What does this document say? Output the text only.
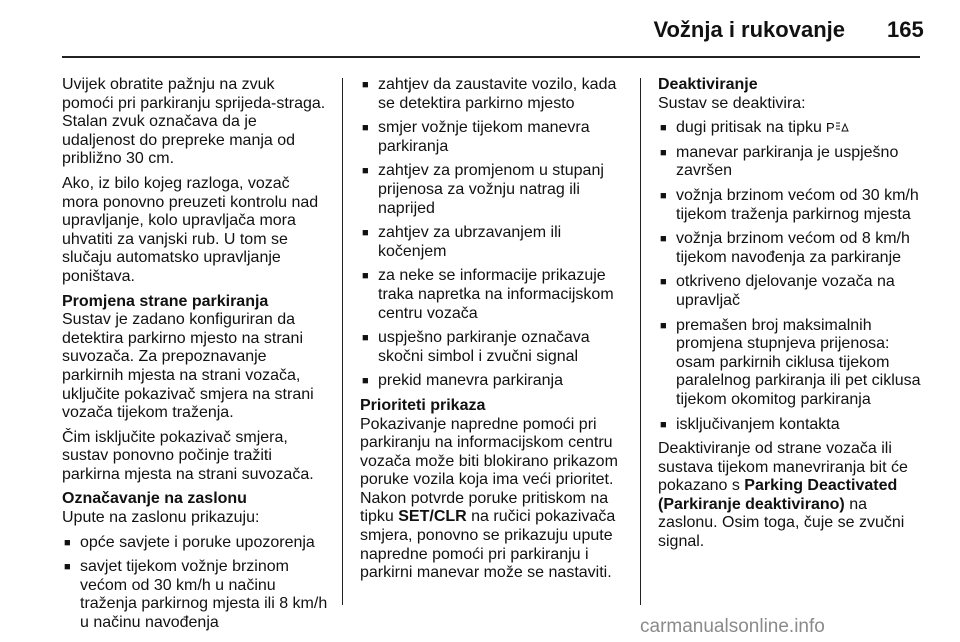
Vožnja i rukovanje 165

Uvijek obratite pažnju na zvuk pomoći pri parkiranju sprijeda-straga. Stalan zvuk označava da je udaljenost do prepreke manja od približno 30 cm.

Ako, iz bilo kojeg razloga, vozač mora ponovno preuzeti kontrolu nad upravljanje, kolo upravljača mora uhvatiti za vanjski rub. U tom se slučaju automatsko upravljanje poništava.

Promjena strane parkiranja

Sustav je zadano konfiguriran da detektira parkirno mjesto na strani suvozača. Za prepoznavanje parkirnih mjesta na strani vozača, uključite pokazivač smjera na strani vozača tijekom traženja.

Čim isključite pokazivač smjera, sustav ponovno počinje tražiti parkirna mjesta na strani suvozača.

Označavanje na zaslonu

Upute na zaslonu prikazuju:

■ opće savjete i poruke upozorenja
■ savjet tijekom vožnje brzinom većom od 30 km/h u načinu traženja parkirnog mjesta ili 8 km/h u načinu navođenja
■ zahtjev da zaustavite vozilo, kada se detektira parkirno mjesto
■ smjer vožnje tijekom manevra parkiranja
■ zahtjev za promjenom u stupanj prijenosa za vožnju natrag ili naprijed
■ zahtjev za ubrzavanjem ili kočenjem
■ za neke se informacije prikazuje traka napretka na informacijskom centru vozača
■ uspješno parkiranje označava skočni simbol i zvučni signal
■ prekid manevra parkiranja
Prioriteti prikaza

Pokazivanje napredne pomoći pri parkiranju na informacijskom centru vozača može biti blokirano prikazom poruke vozila koja ima veći prioritet. Nakon potvrde poruke pritiskom na tipku SET/CLR na ručici pokazivača smjera, ponovno se prikazuju upute napredne pomoći pri parkiranju i parkirni manevar može se nastaviti.

Deaktiviranje

Sustav se deaktivira:

■ dugi pritisak na tipku P
■ manevar parkiranja je uspješno završen
■ vožnja brzinom većom od 30 km/h tijekom traženja parkirnog mjesta
■ vožnja brzinom većom od 8 km/h tijekom navođenja za parkiranje
■ otkriveno djelovanje vozača na upravljač
■ premašen broj maksimalnih promjena stupnjeva prijenosa: osam parkirnih ciklusa tijekom paralelnog parkiranja ili pet ciklusa tijekom okomitog parkiranja
■ isključivanjem kontakta

Deaktiviranje od strane vozača ili sustava tijekom manevriranja bit će pokazano s Parking Deactivated (Parkiranje deaktivirano) na zaslonu. Osim toga, čuje se zvučni signal.

carmanualsonline.info
